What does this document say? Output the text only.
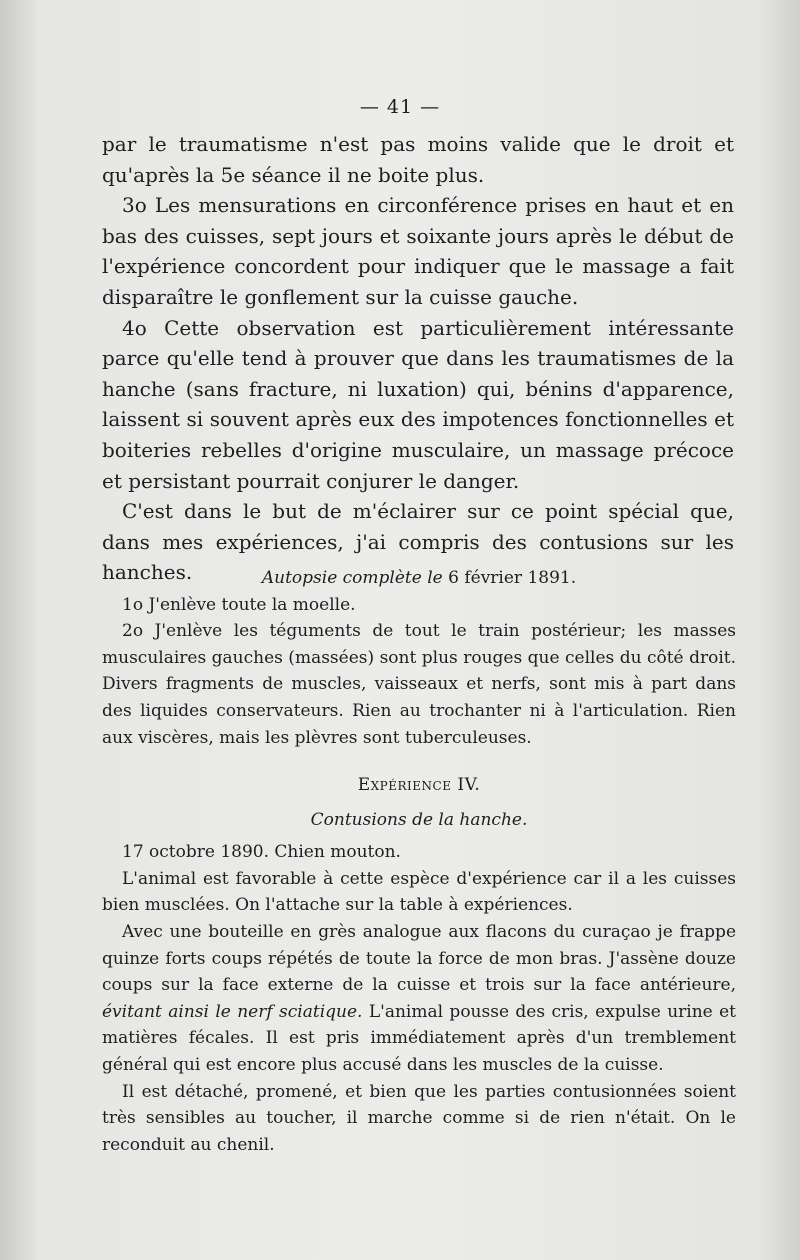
— 41 —

par le traumatisme n'est pas moins valide que le droit et qu'après la 5e séance il ne boite plus.

3o Les mensurations en circonférence prises en haut et en bas des cuisses, sept jours et soixante jours après le début de l'expérience concordent pour indiquer que le massage a fait disparaître le gonflement sur la cuisse gauche.

4o Cette observation est particulièrement intéressante parce qu'elle tend à prouver que dans les traumatismes de la hanche (sans fracture, ni luxation) qui, bénins d'apparence, laissent si souvent après eux des impotences fonctionnelles et boiteries rebelles d'origine musculaire, un massage précoce et persistant pourrait conjurer le danger.

C'est dans le but de m'éclairer sur ce point spécial que, dans mes expériences, j'ai compris des contusions sur les hanches.	Autopsie complète le 6 février 1891.

1o J'enlève toute la moelle.

2o J'enlève les téguments de tout le train postérieur; les masses musculaires gauches (massées) sont plus rouges que celles du côté droit. Divers fragments de muscles, vaisseaux et nerfs, sont mis à part dans des liquides conservateurs. Rien au trochanter ni à l'articulation. Rien aux viscères, mais les plèvres sont tuberculeuses.

Expérience IV.

Contusions de la hanche.

17 octobre 1890. Chien mouton.

L'animal est favorable à cette espèce d'expérience car il a les cuisses bien musclées. On l'attache sur la table à expériences.

Avec une bouteille en grès analogue aux flacons du curaçao je frappe quinze forts coups répétés de toute la force de mon bras. J'assène douze coups sur la face externe de la cuisse et trois sur la face antérieure, évitant ainsi le nerf sciatique. L'animal pousse des cris, expulse urine et matières fécales. Il est pris immédiatement après d'un tremblement général qui est encore plus accusé dans les muscles de la cuisse.

Il est détaché, promené, et bien que les parties contusionnées soient très sensibles au toucher, il marche comme si de rien n'était. On le reconduit au chenil.
